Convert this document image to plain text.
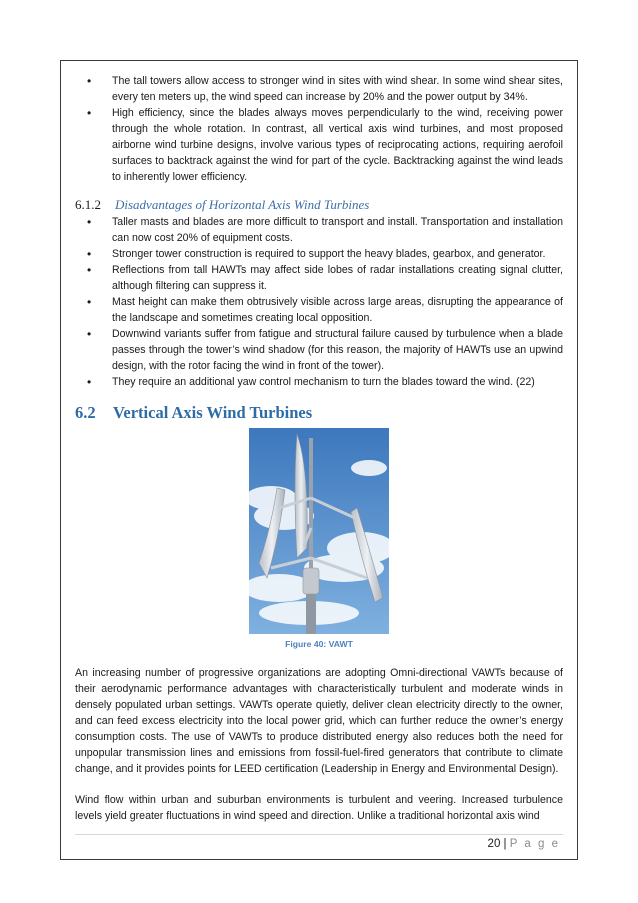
• The tall towers allow access to stronger wind in sites with wind shear. In some wind shear sites, every ten meters up, the wind speed can increase by 20% and the power output by 34%.
• High efficiency, since the blades always moves perpendicularly to the wind, receiving power through the whole rotation. In contrast, all vertical axis wind turbines, and most proposed airborne wind turbine designs, involve various types of reciprocating actions, requiring aerofoil surfaces to backtrack against the wind for part of the cycle. Backtracking against the wind leads to inherently lower efficiency.
6.1.2 Disadvantages of Horizontal Axis Wind Turbines
• Taller masts and blades are more difficult to transport and install. Transportation and installation can now cost 20% of equipment costs.
• Stronger tower construction is required to support the heavy blades, gearbox, and generator.
• Reflections from tall HAWTs may affect side lobes of radar installations creating signal clutter, although filtering can suppress it.
• Mast height can make them obtrusively visible across large areas, disrupting the appearance of the landscape and sometimes creating local opposition.
• Downwind variants suffer from fatigue and structural failure caused by turbulence when a blade passes through the tower’s wind shadow (for this reason, the majority of HAWTs use an upwind design, with the rotor facing the wind in front of the tower).
• They require an additional yaw control mechanism to turn the blades toward the wind. (22)
6.2 Vertical Axis Wind Turbines
Figure 40: VAWT

An increasing number of progressive organizations are adopting Omni-directional VAWTs because of their aerodynamic performance advantages with characteristically turbulent and moderate winds in densely populated urban settings. VAWTs operate quietly, deliver clean electricity directly to the owner, and can feed excess electricity into the local power grid, which can further reduce the owner’s energy consumption costs. The use of VAWTs to produce distributed energy also reduces both the need for unpopular transmission lines and emissions from fossil-fuel-fired generators that contribute to climate change, and it provides points for LEED certification (Leadership in Energy and Environmental Design).

Wind flow within urban and suburban environments is turbulent and veering. Increased turbulence levels yield greater fluctuations in wind speed and direction. Unlike a traditional horizontal axis wind

20 | P a g e
